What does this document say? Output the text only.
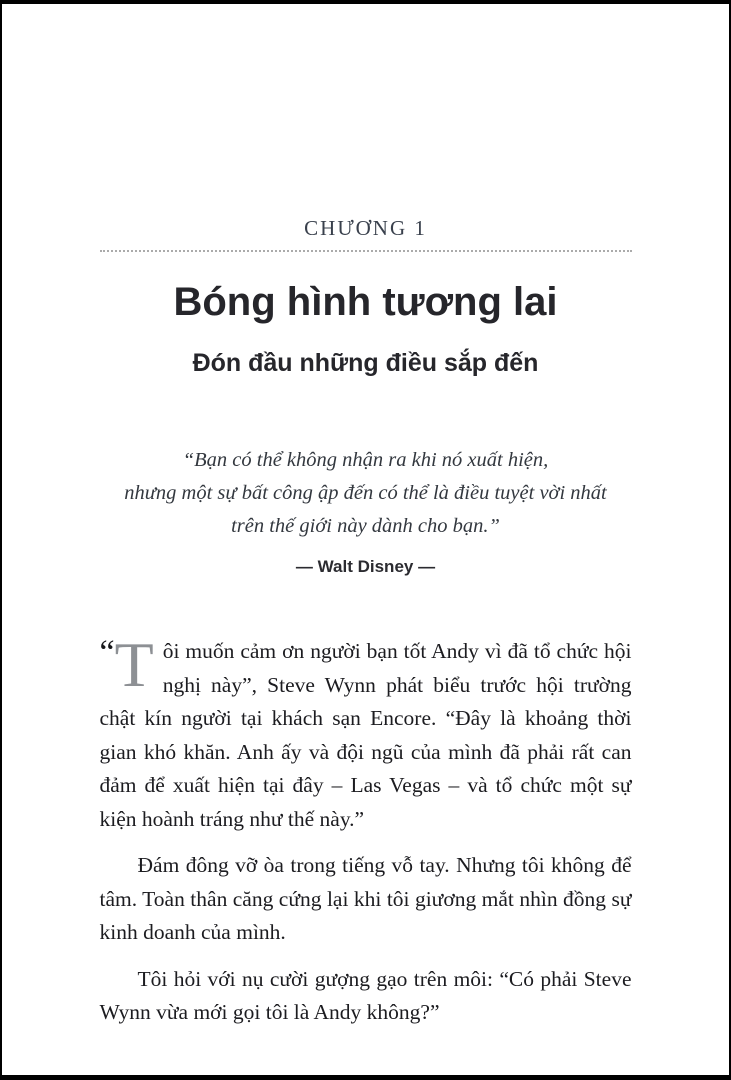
CHƯƠNG 1
Bóng hình tương lai
Đón đầu những điều sắp đến
“Bạn có thể không nhận ra khi nó xuất hiện,
nhưng một sự bất công ập đến có thể là điều tuyệt vời nhất
trên thế giới này dành cho bạn.”
— Walt Disney —

“ T ôi muốn cảm ơn người bạn tốt Andy vì đã tổ chức hội nghị này”, Steve Wynn phát biểu trước hội trường chật kín người tại khách sạn Encore. “Đây là khoảng thời gian khó khăn. Anh ấy và đội ngũ của mình đã phải rất can đảm để xuất hiện tại đây – Las Vegas – và tổ chức một sự kiện hoành tráng như thế này.”

Đám đông vỡ òa trong tiếng vỗ tay. Nhưng tôi không để tâm. Toàn thân căng cứng lại khi tôi giương mắt nhìn đồng sự kinh doanh của mình.

Tôi hỏi với nụ cười gượng gạo trên môi: “Có phải Steve Wynn vừa mới gọi tôi là Andy không?”
